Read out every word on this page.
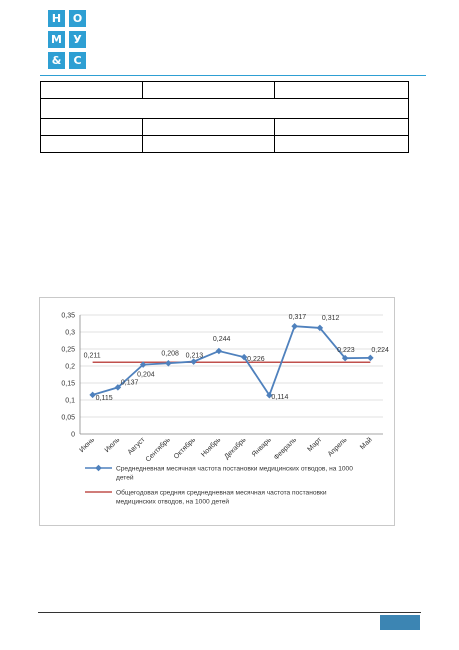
Н	О
М	У
&	С

0
0,05
0,1
0,15
0,2
0,25
0,3
0,35
0,211
0,115
0,137
0,204
0,208 0,213
0,244
0,226
0,114
0,317 0,312
0,223 0,224
Июнь Июль Август
Сентябрь Октябрь Ноябрь Декабрь Январь Февраль Март Апрель Май
Среднедневная месячная частота постановки медицинских отводов, на 1000
детей
Общегодовая средняя среднедневная месячная частота постановки
медицинских отводов, на 1000 детей
